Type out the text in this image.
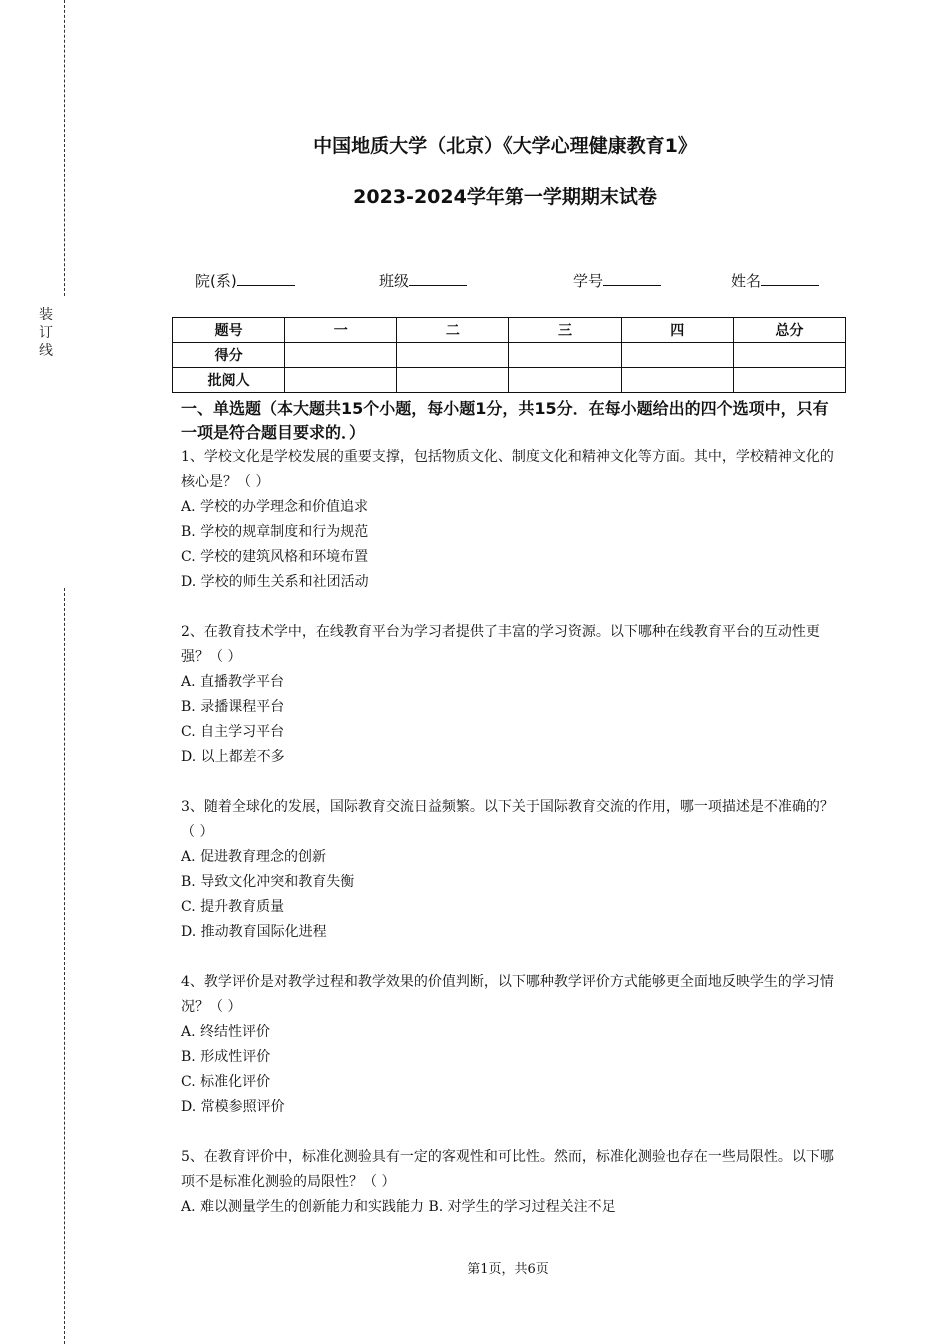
装
订
线
中国地质大学（北京）《大学心理健康教育1》
2023-2024学年第一学期期末试卷
院(系)	班级	学号	姓名
题号	一	二	三	四	总分
得分					
批阅人					

一、单选题（本大题共15个小题，每小题1分，共15分．在每小题给出的四个选项中，只有一项是符合题目要求的．）

1、学校文化是学校发展的重要支撑，包括物质文化、制度文化和精神文化等方面。其中，学校精神文化的核心是？（ ）

A. 学校的办学理念和价值追求

B. 学校的规章制度和行为规范

C. 学校的建筑风格和环境布置

D. 学校的师生关系和社团活动

2、在教育技术学中，在线教育平台为学习者提供了丰富的学习资源。以下哪种在线教育平台的互动性更强？（ ）

A. 直播教学平台

B. 录播课程平台

C. 自主学习平台

D. 以上都差不多

3、随着全球化的发展，国际教育交流日益频繁。以下关于国际教育交流的作用，哪一项描述是不准确的？（ ）

A. 促进教育理念的创新

B. 导致文化冲突和教育失衡

C. 提升教育质量

D. 推动教育国际化进程

4、教学评价是对教学过程和教学效果的价值判断，以下哪种教学评价方式能够更全面地反映学生的学习情况？（ ）

A. 终结性评价

B. 形成性评价

C. 标准化评价

D. 常模参照评价

5、在教育评价中，标准化测验具有一定的客观性和可比性。然而，标准化测验也存在一些局限性。以下哪项不是标准化测验的局限性？（ ）

A. 难以测量学生的创新能力和实践能力 B. 对学生的学习过程关注不足

第1页，共6页
